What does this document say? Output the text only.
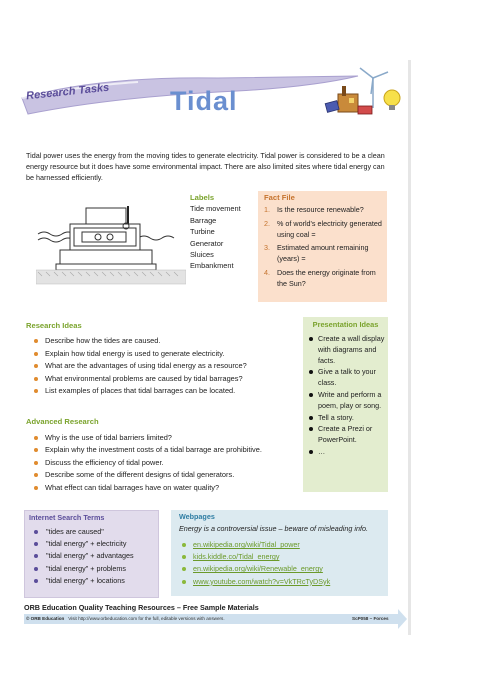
Research Tasks Tidal
Tidal power uses the energy from the moving tides to generate electricity. Tidal power is considered to be a clean energy resource but it does have some environmental impact. There are also limited sites where tidal energy can be harnessed efficiently.
Labels
Tide movement
Barrage
Turbine
Generator
Sluices
Embankment
Fact File
1. Is the resource renewable?
2. % of world's electricity generated using coal =
3. Estimated amount remaining (years) =
4. Does the energy originate from the Sun?
Research Ideas
Describe how the tides are caused.
Explain how tidal energy is used to generate electricity.
What are the advantages of using tidal energy as a resource?
What environmental problems are caused by tidal barrages?
List examples of places that tidal barrages can be located.
Advanced Research
Why is the use of tidal barriers limited?
Explain why the investment costs of a tidal barrage are prohibitive.
Discuss the efficiency of tidal power.
Describe some of the different designs of tidal generators.
What effect can tidal barrages have on water quality?
Presentation Ideas
Create a wall display with diagrams and facts.
Give a talk to your class.
Write and perform a poem, play or song.
Tell a story.
Create a Prezi or PowerPoint.
…
Internet Search Terms
"tides are caused"
"tidal energy" + electricity
"tidal energy" + advantages
"tidal energy" + problems
"tidal energy" + locations
Webpages
Energy is a controversial issue – beware of misleading info.
en.wikipedia.org/wiki/Tidal_power
kids.kiddle.co/Tidal_energy
en.wikipedia.org/wiki/Renewable_energy
www.youtube.com/watch?v=VkTRcTyDSyk
ORB Education Quality Teaching Resources – Free Sample Materials
© ORB Education Visit http://www.orbeducation.com for the full, editable versions with answers.	ScP058 – Forces
